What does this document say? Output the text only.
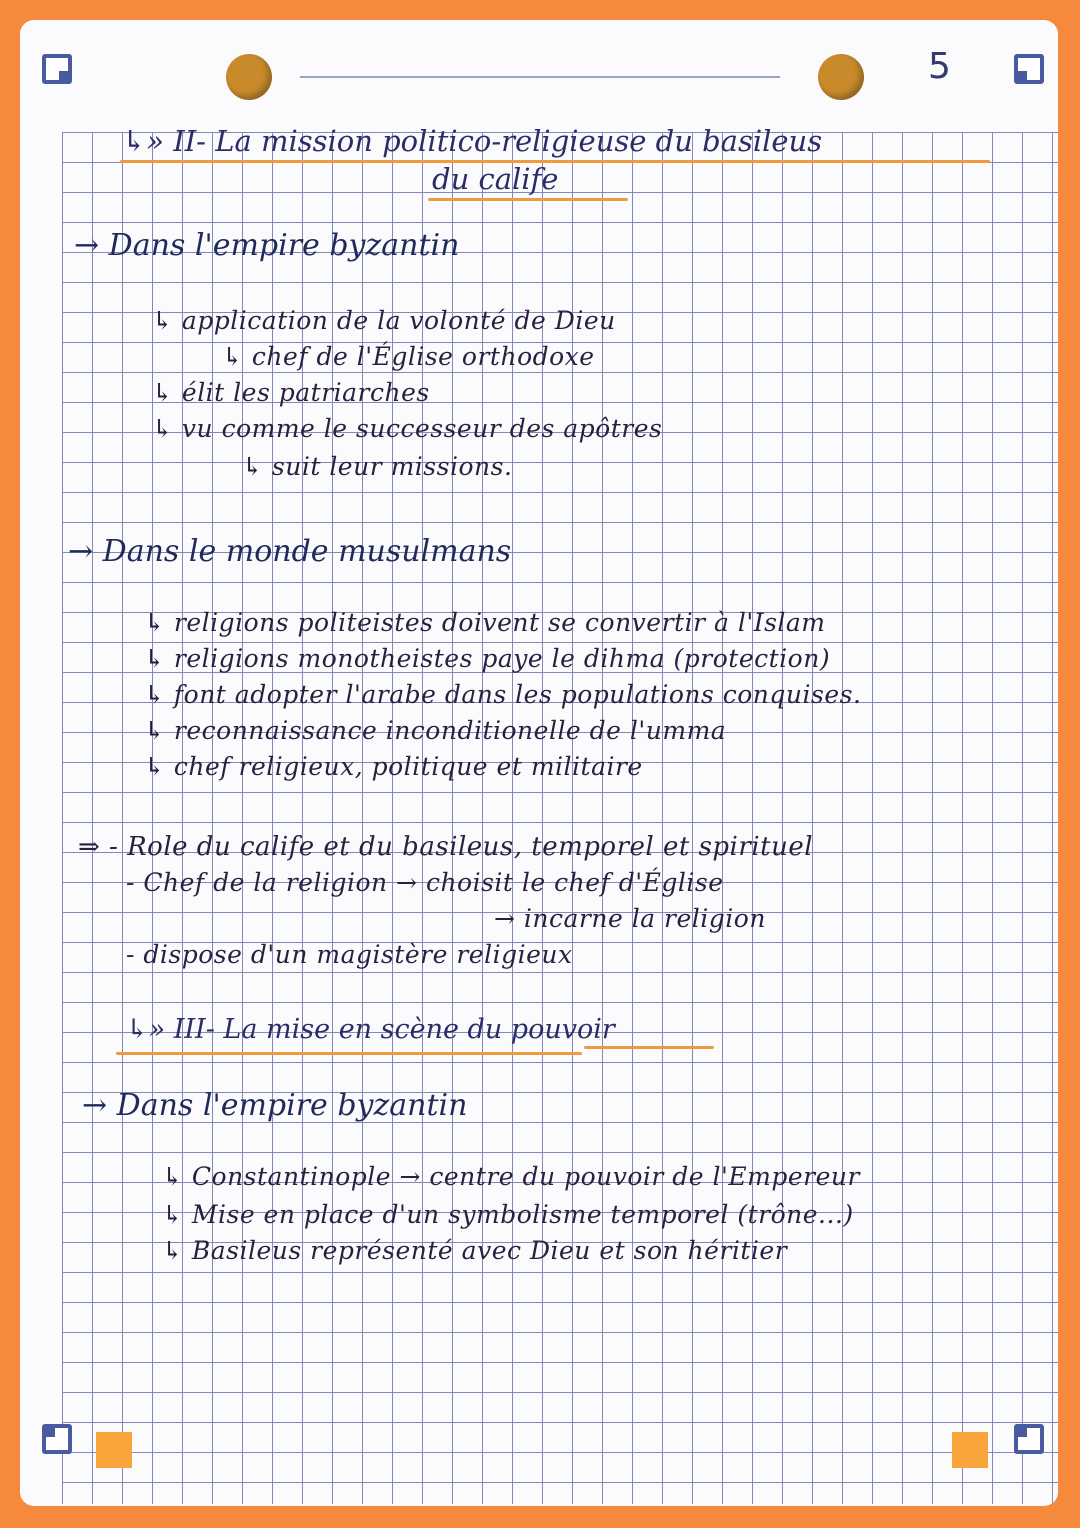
5
↳» II- La mission politico-religieuse du basileus
du calife
→ Dans l'empire byzantin
↳ application de la volonté de Dieu
↳ chef de l'Église orthodoxe
↳ élit les patriarches
↳ vu comme le successeur des apôtres
↳ suit leur missions.
→ Dans le monde musulmans
↳ religions politeistes doivent se convertir à l'Islam
↳ religions monotheistes paye le dihma (protection)
↳ font adopter l'arabe dans les populations conquises.
↳ reconnaissance inconditionelle de l'umma
↳ chef religieux, politique et militaire
⇒ - Role du calife et du basileus, temporel et spirituel
- Chef de la religion → choisit le chef d'Église
→ incarne la religion
- dispose d'un magistère religieux
↳» III- La mise en scène du pouvoir
→ Dans l'empire byzantin
↳ Constantinople → centre du pouvoir de l'Empereur
↳ Mise en place d'un symbolisme temporel (trône...)
↳ Basileus représenté avec Dieu et son héritier
